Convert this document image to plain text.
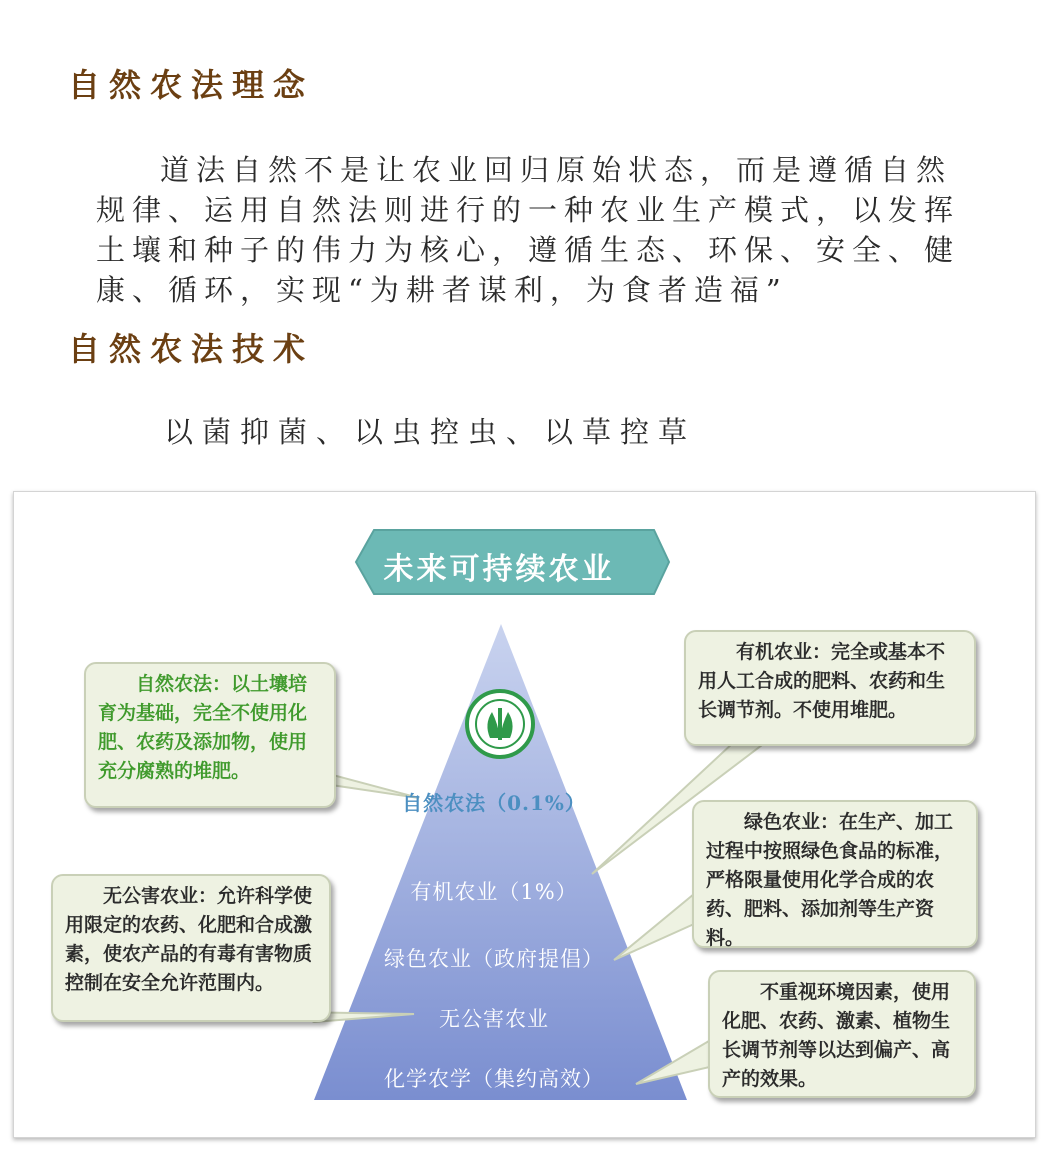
自然农法理念

道法自然不是让农业回归原始状态，而是遵循自然规律、运用自然法则进行的一种农业生产模式，以发挥土壤和种子的伟力为核心，遵循生态、环保、安全、健康、循环，实现“为耕者谋利，为食者造福”

自然农法技术

以菌抑菌、以虫控虫、以草控草

未来可持续农业
自然农法（0.1%）
有机农业（1%）
绿色农业（政府提倡）
无公害农业
化学农学（集约高效）
自然农法：以土壤培育为基础，完全不使用化肥、农药及添加物，使用充分腐熟的堆肥。
有机农业：完全或基本不用人工合成的肥料、农药和生长调节剂。不使用堆肥。
绿色农业：在生产、加工过程中按照绿色食品的标准，严格限量使用化学合成的农药、肥料、添加剂等生产资料。
无公害农业：允许科学使用限定的农药、化肥和合成激素，使农产品的有毒有害物质控制在安全允许范围内。	不重视环境因素，使用化肥、农药、激素、植物生长调节剂等以达到偏产、高产的效果。
